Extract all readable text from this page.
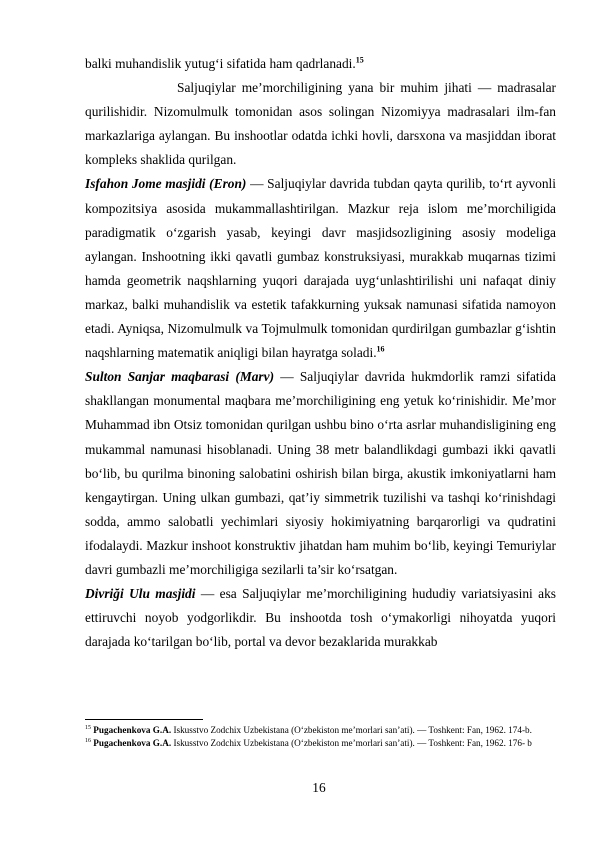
balki muhandislik yutug‘i sifatida ham qadrlanadi.$^{15}$

Saljuqiylar me’morchiligining yana bir muhim jihati — madrasalar qurilishidir. Nizomulmulk tomonidan asos solingan Nizomiyya madrasalari ilm-fan markazlariga aylangan. Bu inshootlar odatda ichki hovli, darsxona va masjiddan iborat kompleks shaklida qurilgan.

Isfahon Jome masjidi (Eron) — Saljuqiylar davrida tubdan qayta qurilib, to‘rt ayvonli kompozitsiya asosida mukammallashtirilgan. Mazkur reja islom me’morchiligida paradigmatik o‘zgarish yasab, keyingi davr masjidsozligining asosiy modeliga aylangan. Inshootning ikki qavatli gumbaz konstruksiyasi, murakkab muqarnas tizimi hamda geometrik naqshlarning yuqori darajada uyg‘unlashtirilishi uni nafaqat diniy markaz, balki muhandislik va estetik tafakkurning yuksak namunasi sifatida namoyon etadi. Ayniqsa, Nizomulmulk va Tojmulmulk tomonidan qurdirilgan gumbazlar g‘ishtin naqshlarning matematik aniqligi bilan hayratga soladi.$^{16}$

Sulton Sanjar maqbarasi (Marv) — Saljuqiylar davrida hukmdorlik ramzi sifatida shakllangan monumental maqbara me’morchiligining eng yetuk ko‘rinishidir. Me’mor Muhammad ibn Otsiz tomonidan qurilgan ushbu bino o‘rta asrlar muhandisligining eng mukammal namunasi hisoblanadi. Uning 38 metr balandlikdagi gumbazi ikki qavatli bo‘lib, bu qurilma binoning salobatini oshirish bilan birga, akustik imkoniyatlarni ham kengaytirgan. Uning ulkan gumbazi, qat’iy simmetrik tuzilishi va tashqi ko‘rinishdagi sodda, ammo salobatli yechimlari siyosiy hokimiyatning barqarorligi va qudratini ifodalaydi. Mazkur inshoot konstruktiv jihatdan ham muhim bo‘lib, keyingi Temuriylar davri gumbazli me’morchiligiga sezilarli ta’sir ko‘rsatgan.

Divriği Ulu masjidi — esa Saljuqiylar me’morchiligining hududiy variatsiyasini aks ettiruvchi noyob yodgorlikdir. Bu inshootda tosh o‘ymakorligi nihoyatda yuqori darajada ko‘tarilgan bo‘lib, portal va devor bezaklarida murakkab

$^{15}$ Pugachenkova G.A. Iskusstvo Zodchix Uzbekistana (O‘zbekiston me’morlari san’ati). — Toshkent: Fan, 1962. 174-b.

$^{16}$ Pugachenkova G.A. Iskusstvo Zodchix Uzbekistana (O‘zbekiston me’morlari san’ati). — Toshkent: Fan, 1962. 176- b

16
